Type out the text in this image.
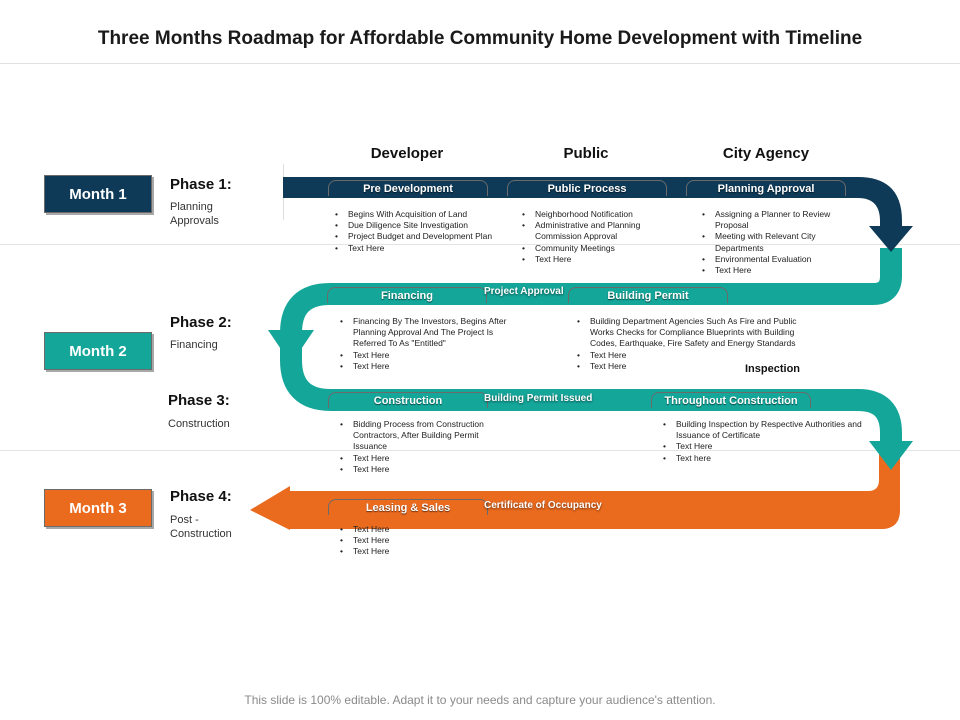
Three Months Roadmap for Affordable Community Home Development with Timeline
Developer	Public	City Agency
Month 1
Month 2
Month 3
Phase 1:
Planning Approvals
Phase 2:
Financing
Phase 3:
Construction
Phase 4:
Post - Construction
Pre Development	Public Process	Planning Approval
Financing	Building Permit
Construction	Throughout Construction
Leasing & Sales
Project Approval
Building Permit Issued
Certificate of Occupancy
Inspection
• Begins With Acquisition of Land
• Due Diligence Site Investigation
• Project Budget and Development Plan
• Text Here
• Neighborhood Notification
• Administrative and Planning Commission Approval
• Community Meetings
• Text Here
• Assigning a Planner to Review Proposal
• Meeting with Relevant City Departments
• Environmental Evaluation
• Text Here
• Financing By The Investors, Begins After Planning Approval And The Project Is Referred To As "Entitled"
• Text Here
• Text Here
• Building Department Agencies Such As Fire and Public Works Checks for Compliance Blueprints with Building Codes, Earthquake, Fire Safety and Energy Standards
• Text Here
• Text Here
• Bidding Process from Construction Contractors, After Building Permit Issuance
• Text Here
• Text Here
• Building Inspection by Respective Authorities and Issuance of Certificate
• Text Here
• Text here
• Text Here
• Text Here
• Text Here
This slide is 100% editable. Adapt it to your needs and capture your audience's attention.
